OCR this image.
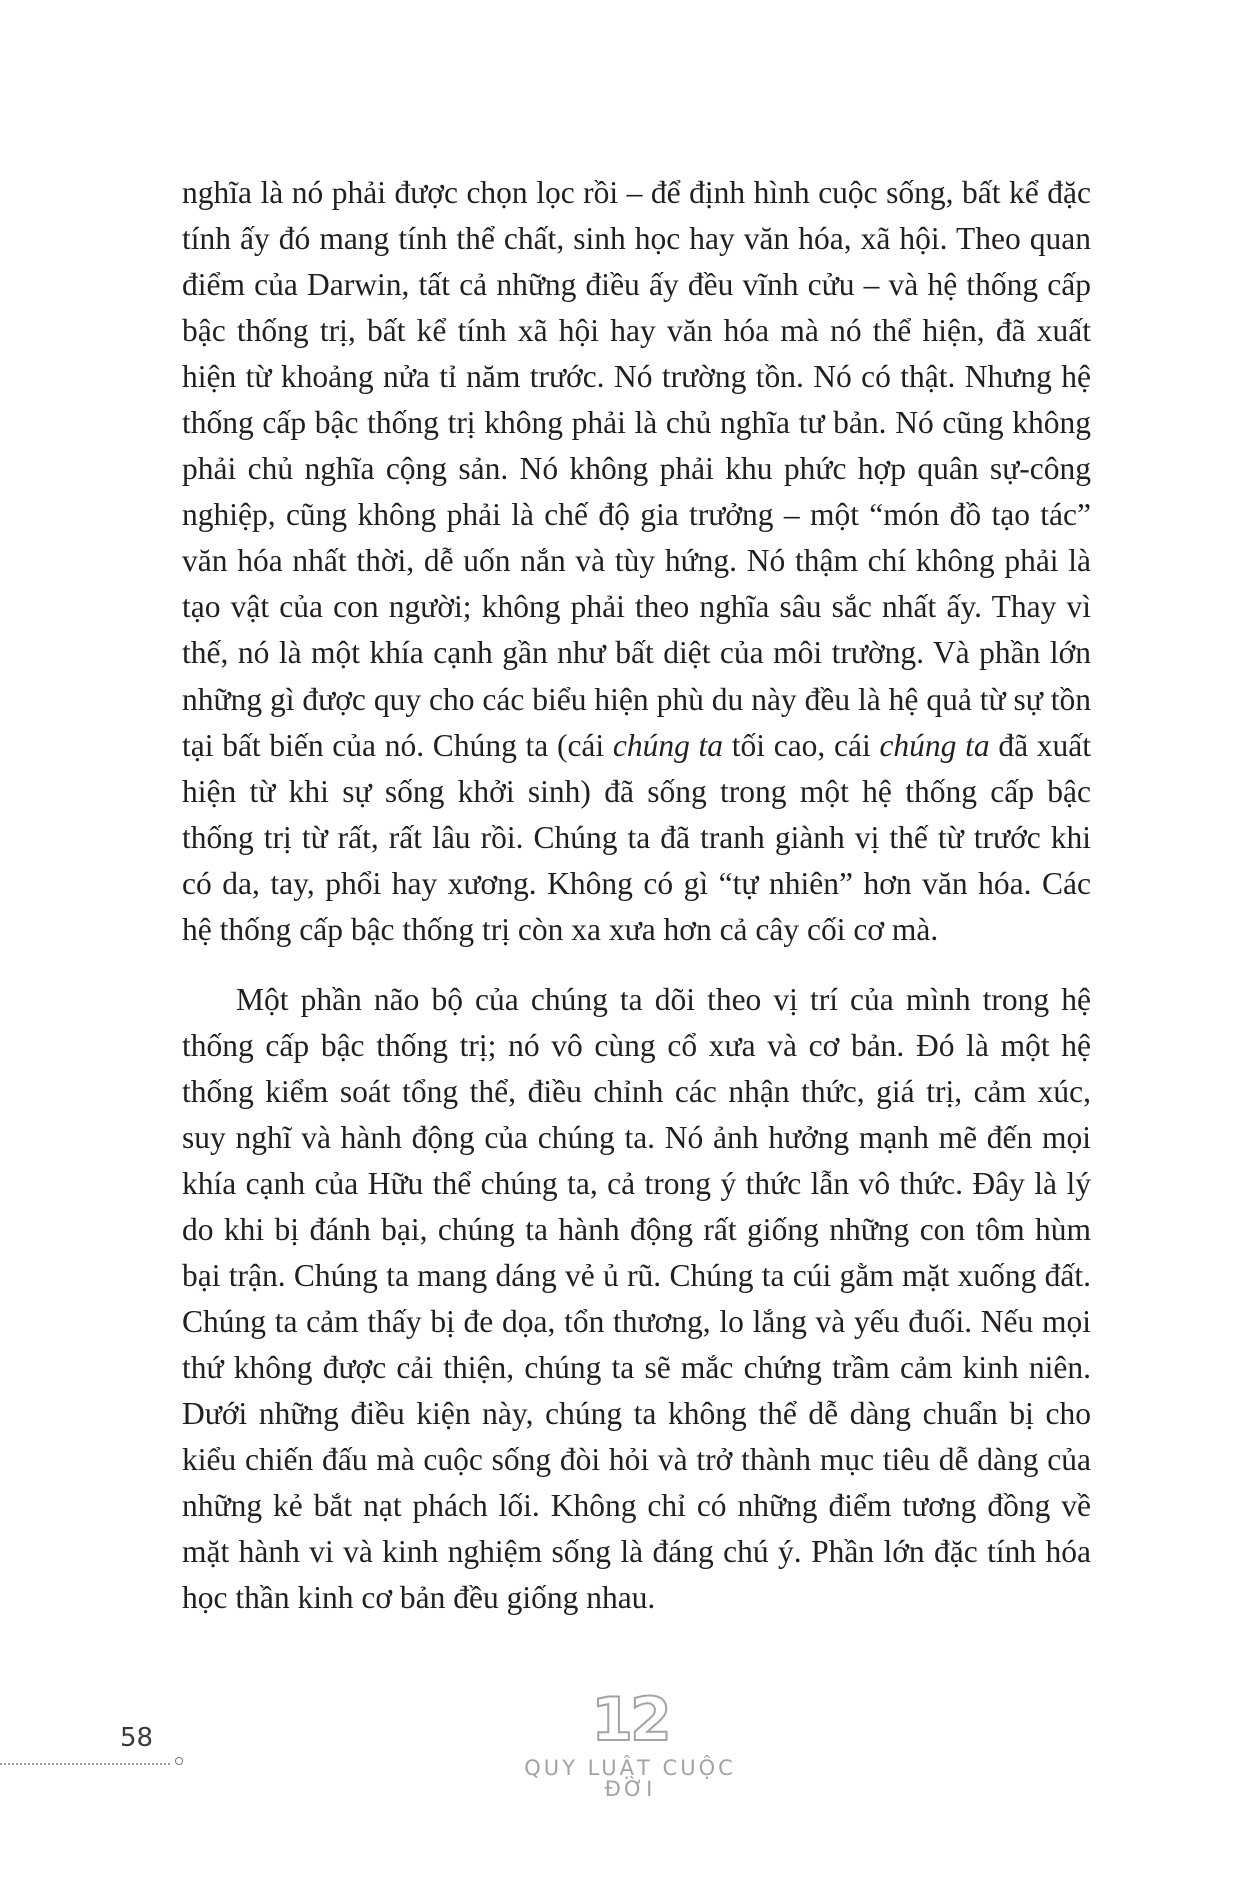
nghĩa là nó phải được chọn lọc rồi – để định hình cuộc sống, bất kể đặc tính ấy đó mang tính thể chất, sinh học hay văn hóa, xã hội. Theo quan điểm của Darwin, tất cả những điều ấy đều vĩnh cửu – và hệ thống cấp bậc thống trị, bất kể tính xã hội hay văn hóa mà nó thể hiện, đã xuất hiện từ khoảng nửa tỉ năm trước. Nó trường tồn. Nó có thật. Nhưng hệ thống cấp bậc thống trị không phải là chủ nghĩa tư bản. Nó cũng không phải chủ nghĩa cộng sản. Nó không phải khu phức hợp quân sự-công nghiệp, cũng không phải là chế độ gia trưởng – một “món đồ tạo tác” văn hóa nhất thời, dễ uốn nắn và tùy hứng. Nó thậm chí không phải là tạo vật của con người; không phải theo nghĩa sâu sắc nhất ấy. Thay vì thế, nó là một khía cạnh gần như bất diệt của môi trường. Và phần lớn những gì được quy cho các biểu hiện phù du này đều là hệ quả từ sự tồn tại bất biến của nó. Chúng ta (cái chúng ta tối cao, cái chúng ta đã xuất hiện từ khi sự sống khởi sinh) đã sống trong một hệ thống cấp bậc thống trị từ rất, rất lâu rồi. Chúng ta đã tranh giành vị thế từ trước khi có da, tay, phổi hay xương. Không có gì “tự nhiên” hơn văn hóa. Các hệ thống cấp bậc thống trị còn xa xưa hơn cả cây cối cơ mà.

Một phần não bộ của chúng ta dõi theo vị trí của mình trong hệ thống cấp bậc thống trị; nó vô cùng cổ xưa và cơ bản. Đó là một hệ thống kiểm soát tổng thể, điều chỉnh các nhận thức, giá trị, cảm xúc, suy nghĩ và hành động của chúng ta. Nó ảnh hưởng mạnh mẽ đến mọi khía cạnh của Hữu thể chúng ta, cả trong ý thức lẫn vô thức. Đây là lý do khi bị đánh bại, chúng ta hành động rất giống những con tôm hùm bại trận. Chúng ta mang dáng vẻ ủ rũ. Chúng ta cúi gằm mặt xuống đất. Chúng ta cảm thấy bị đe dọa, tổn thương, lo lắng và yếu đuối. Nếu mọi thứ không được cải thiện, chúng ta sẽ mắc chứng trầm cảm kinh niên. Dưới những điều kiện này, chúng ta không thể dễ dàng chuẩn bị cho kiểu chiến đấu mà cuộc sống đòi hỏi và trở thành mục tiêu dễ dàng của những kẻ bắt nạt phách lối. Không chỉ có những điểm tương đồng về mặt hành vi và kinh nghiệm sống là đáng chú ý. Phần lớn đặc tính hóa học thần kinh cơ bản đều giống nhau.

58	12
QUY LUẬT CUỘC ĐỜI
